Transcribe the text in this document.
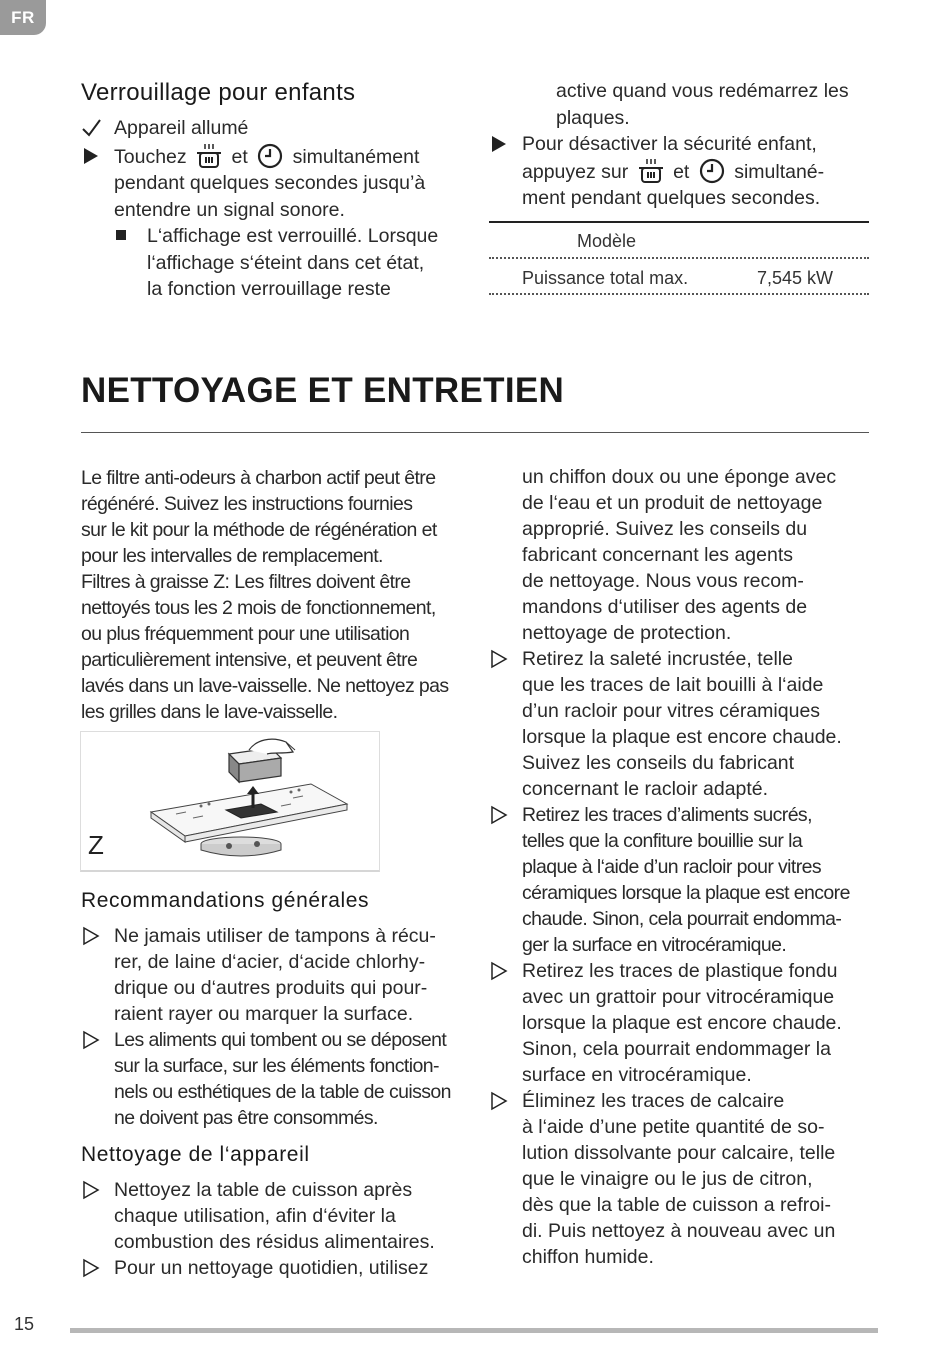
FR
Verrouillage pour enfants
Appareil allumé
Touchez et simultanément
pendant quelques secondes jusqu’à
entendre un signal sonore.
L‘affichage est verrouillé. Lorsque
l‘affichage s‘éteint dans cet état,
la fonction verrouillage reste
active quand vous redémarrez les
plaques.
Pour désactiver la sécurité enfant,
appuyez sur et simultané-
ment pendant quelques secondes.
Modèle
Puissance total max.	7,545 kW
NETTOYAGE ET ENTRETIEN
Le filtre anti-odeurs à charbon actif peut être
régénéré. Suivez les instructions fournies
sur le kit pour la méthode de régénération et
pour les intervalles de remplacement.
Filtres à graisse Z: Les filtres doivent être
nettoyés tous les 2 mois de fonctionnement,
ou plus fréquemment pour une utilisation
particulièrement intensive, et peuvent être
lavés dans un lave-vaisselle. Ne nettoyez pas
les grilles dans le lave-vaisselle.
Z
Recommandations générales
Ne jamais utiliser de tampons à récu-
rer, de laine d‘acier, d‘acide chlorhy-
drique ou d‘autres produits qui pour-
raient rayer ou marquer la surface.
Les aliments qui tombent ou se déposent
sur la surface, sur les éléments fonction-
nels ou esthétiques de la table de cuisson
ne doivent pas être consommés.
Nettoyage de l‘appareil
Nettoyez la table de cuisson après
chaque utilisation, afin d‘éviter la
combustion des résidus alimentaires.
Pour un nettoyage quotidien, utilisez
un chiffon doux ou une éponge avec
de l‘eau et un produit de nettoyage
approprié. Suivez les conseils du
fabricant concernant les agents
de nettoyage. Nous vous recom-
mandons d‘utiliser des agents de
nettoyage de protection.
Retirez la saleté incrustée, telle
que les traces de lait bouilli à l‘aide
d’un racloir pour vitres céramiques
lorsque la plaque est encore chaude.
Suivez les conseils du fabricant
concernant le racloir adapté.
Retirez les traces d’aliments sucrés,
telles que la confiture bouillie sur la
plaque à l‘aide d’un racloir pour vitres
céramiques lorsque la plaque est encore
chaude. Sinon, cela pourrait endomma-
ger la surface en vitrocéramique.
Retirez les traces de plastique fondu
avec un grattoir pour vitrocéramique
lorsque la plaque est encore chaude.
Sinon, cela pourrait endommager la
surface en vitrocéramique.
Éliminez les traces de calcaire
à l‘aide d’une petite quantité de so-
lution dissolvante pour calcaire, telle
que le vinaigre ou le jus de citron,
dès que la table de cuisson a refroi-
di. Puis nettoyez à nouveau avec un
chiffon humide.
15
